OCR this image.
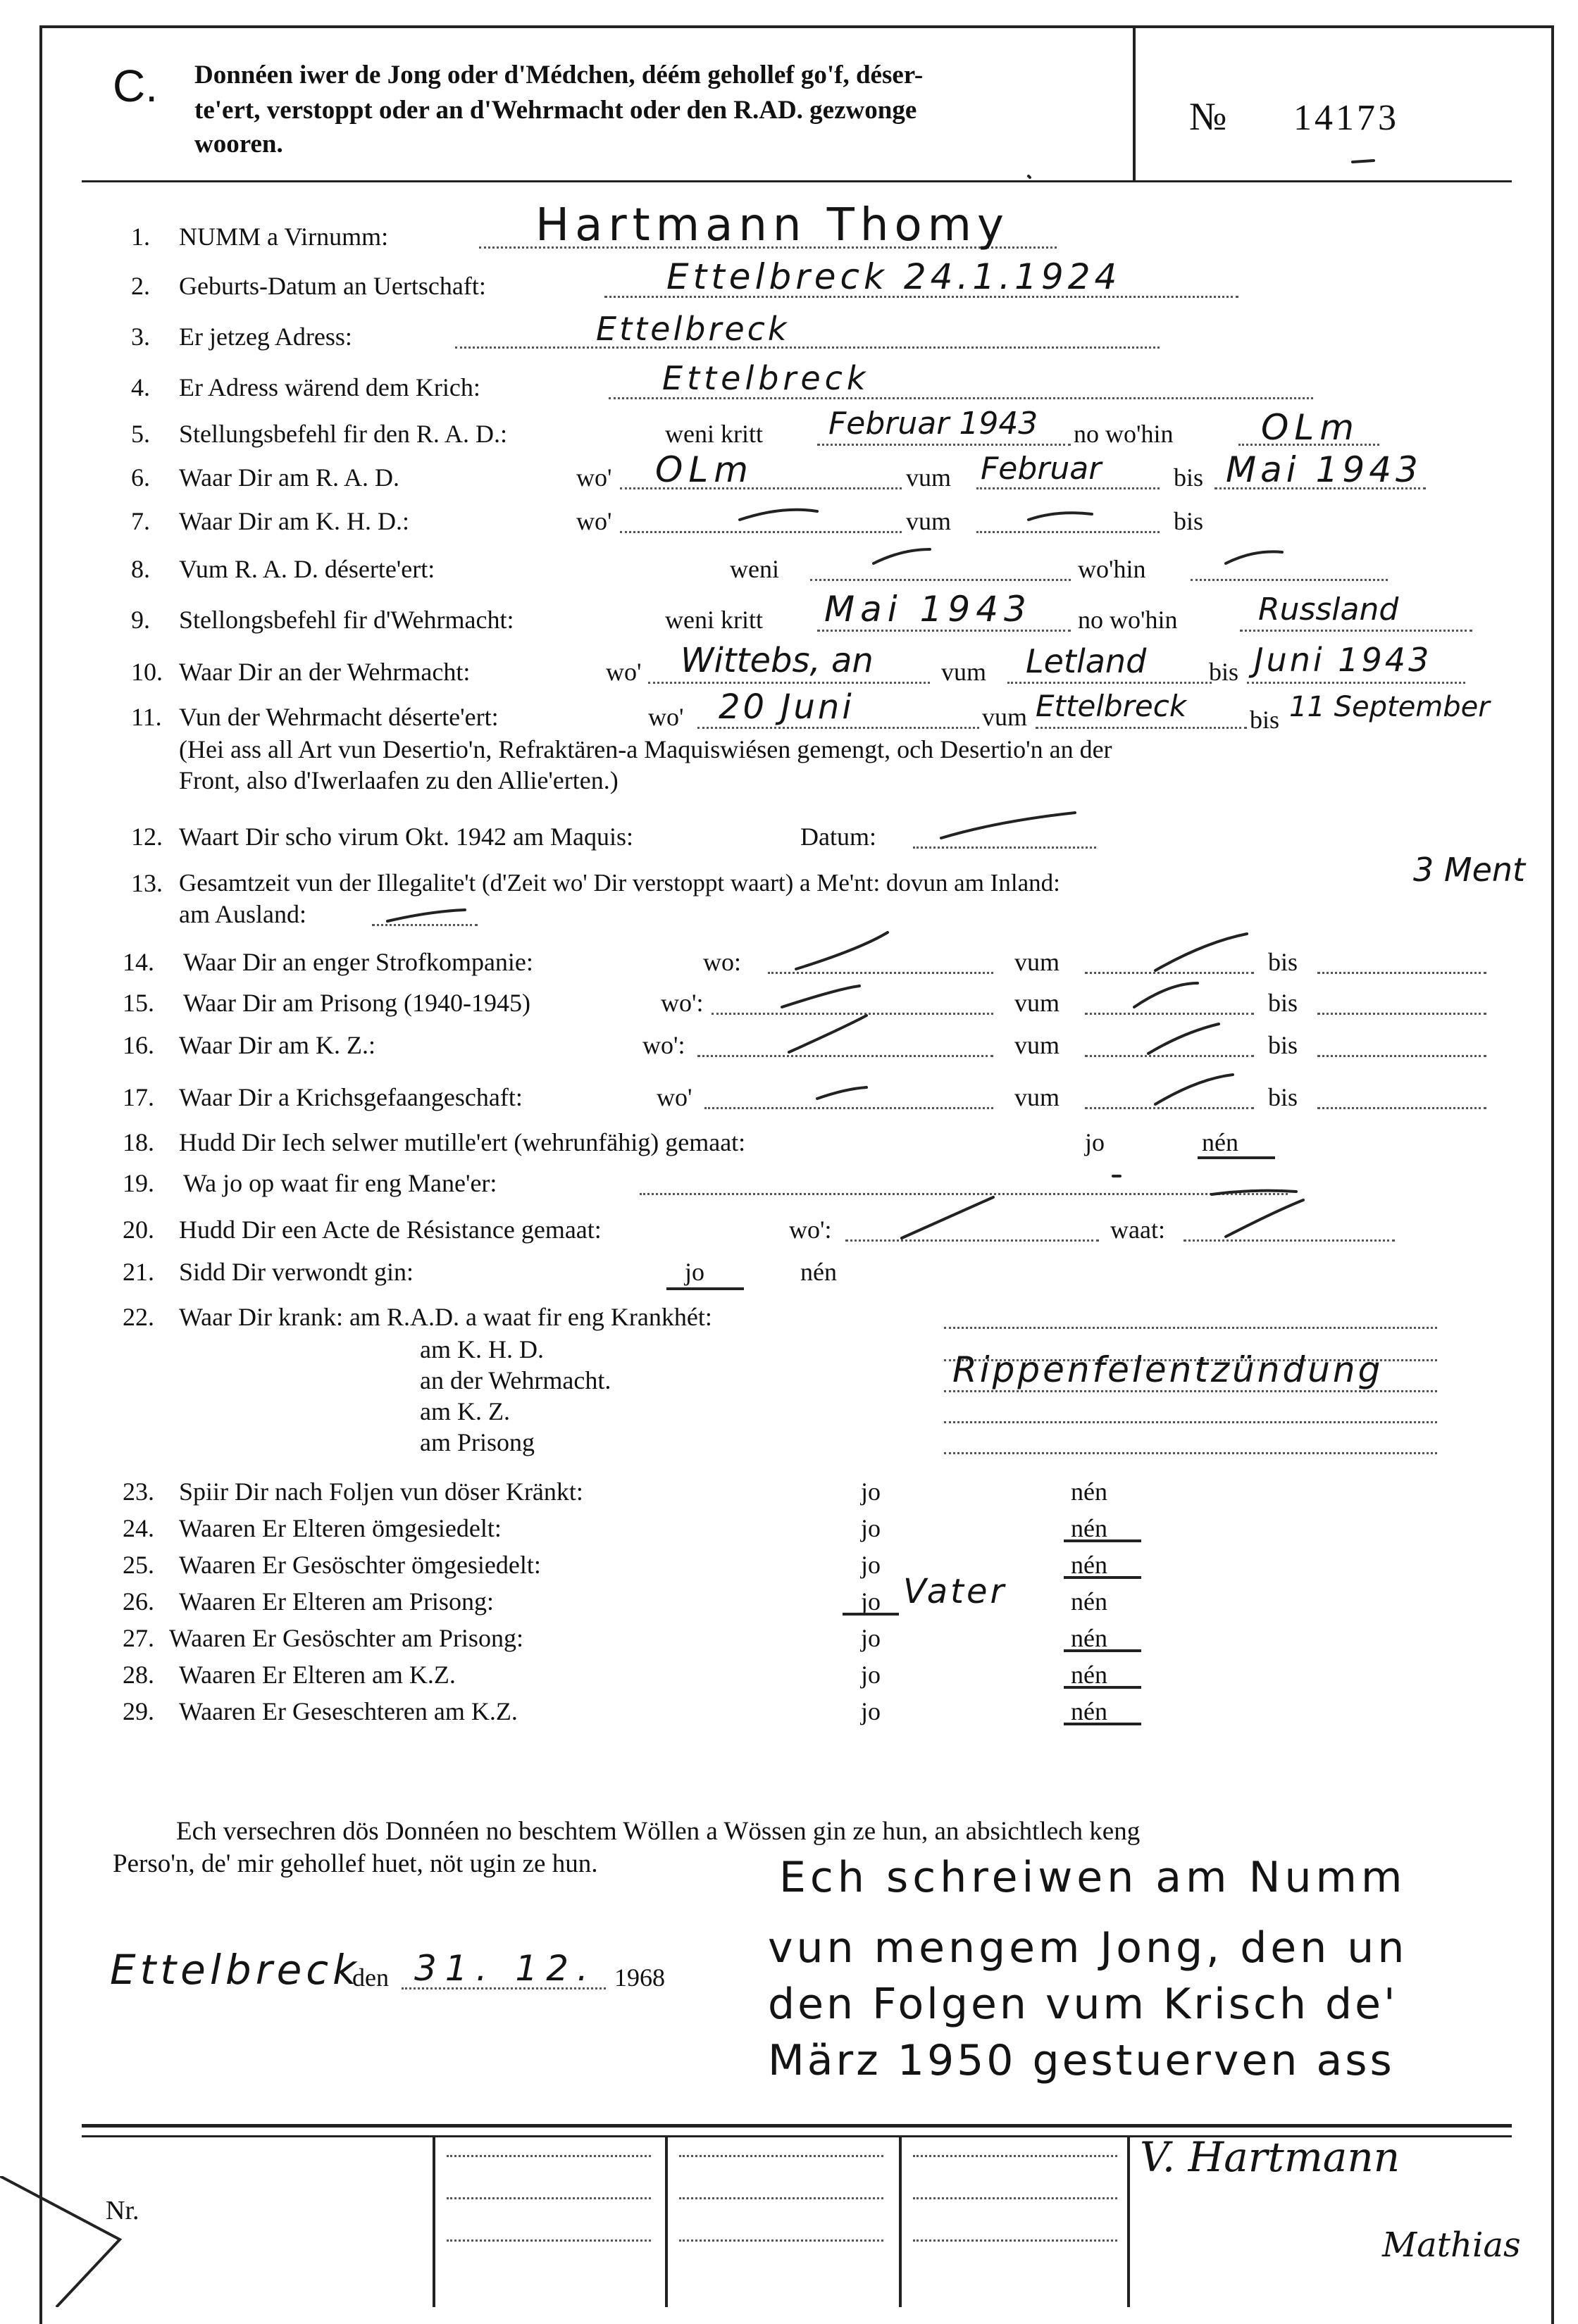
C. Donnéen iwer de Jong oder d'Médchen, déém gehollef go'f, déser-
te'ert, verstoppt oder an d'Wehrmacht oder den R.AD. gezwonge
wooren.
№ 14173
1. NUMM a Virnumm:	Hartmann Thomy
2. Geburts-Datum an Uertschaft:	Ettelbreck 24.1.1924
3. Er jetzeg Adress:	Ettelbreck
4. Er Adress wärend dem Krich:	Ettelbreck
5. Stellungsbefehl fir den R. A. D.:	weni kritt Februar 1943 no wo'hin OLm
6. Waar Dir am R. A. D.	wo' OLm	vum Februar	bis Mai 1943
7. Waar Dir am K. H. D.:	wo'	vum	bis
8. Vum R. A. D. déserte'ert:	weni	wo'hin
9. Stellongsbefehl fir d'Wehrmacht:	weni kritt Mai 1943 no wo'hin	Russland
10. Waar Dir an der Wehrmacht:	wo' Wittebs, an	vum Letland bis Juni 1943
11. Vun der Wehrmacht déserte'ert:	wo' 20 Juni	vum Ettelbreck bis 11 September
(Hei ass all Art vun Desertio'n, Refraktären-a Maquiswiésen gemengt, och Desertio'n an der
Front, also d'Iwerlaafen zu den Allie'erten.)
12. Waart Dir scho virum Okt. 1942 am Maquis:	Datum:
13. Gesamtzeit vun der Illegalite't (d'Zeit wo' Dir verstoppt waart) a Me'nt: dovun am Inland:	3 Ment
am Ausland:
14. Waar Dir an enger Strofkompanie:	wo:	vum	bis
15. Waar Dir am Prisong (1940-1945)	wo':	vum	bis
16. Waar Dir am K. Z.:	wo':	vum	bis
17. Waar Dir a Krichsgefaangeschaft:	wo'	vum	bis
18. Hudd Dir Iech selwer mutille'ert (wehrunfähig) gemaat:	jo	nén
19. Wa jo op waat fir eng Mane'er:
20. Hudd Dir een Acte de Résistance gemaat:	wo':	waat:
21. Sidd Dir verwondt gin:	jo	nén
22. Waar Dir krank: am R.A.D. a waat fir eng Krankhét:
am K. H. D.
an der Wehrmacht.	Rippenfelentzündung
am K. Z.
am Prisong
23. Spiir Dir nach Foljen vun döser Kränkt:	jo	nén
24. Waaren Er Elteren ömgesiedelt:	jo	nén
25. Waaren Er Gesöschter ömgesiedelt:	jo	nén
26. Waaren Er Elteren am Prisong:	jo Vater	nén
27. Waaren Er Gesöschter am Prisong:	jo	nén
28. Waaren Er Elteren am K.Z.	jo	nén
29. Waaren Er Geseschteren am K.Z.	jo	nén
Ech versechren dös Donnéen no beschtem Wöllen a Wössen gin ze hun, an absichtlech keng
Perso'n, de' mir gehollef huet, nöt ugin ze hun.	Ech schreiwen am Numm
vun mengem Jong, den un
den Folgen vum Krisch de'
März 1950 gestuerven ass
Ettelbreck
den 31. 12. 1968
Nr.
V. Hartmann
Mathias
